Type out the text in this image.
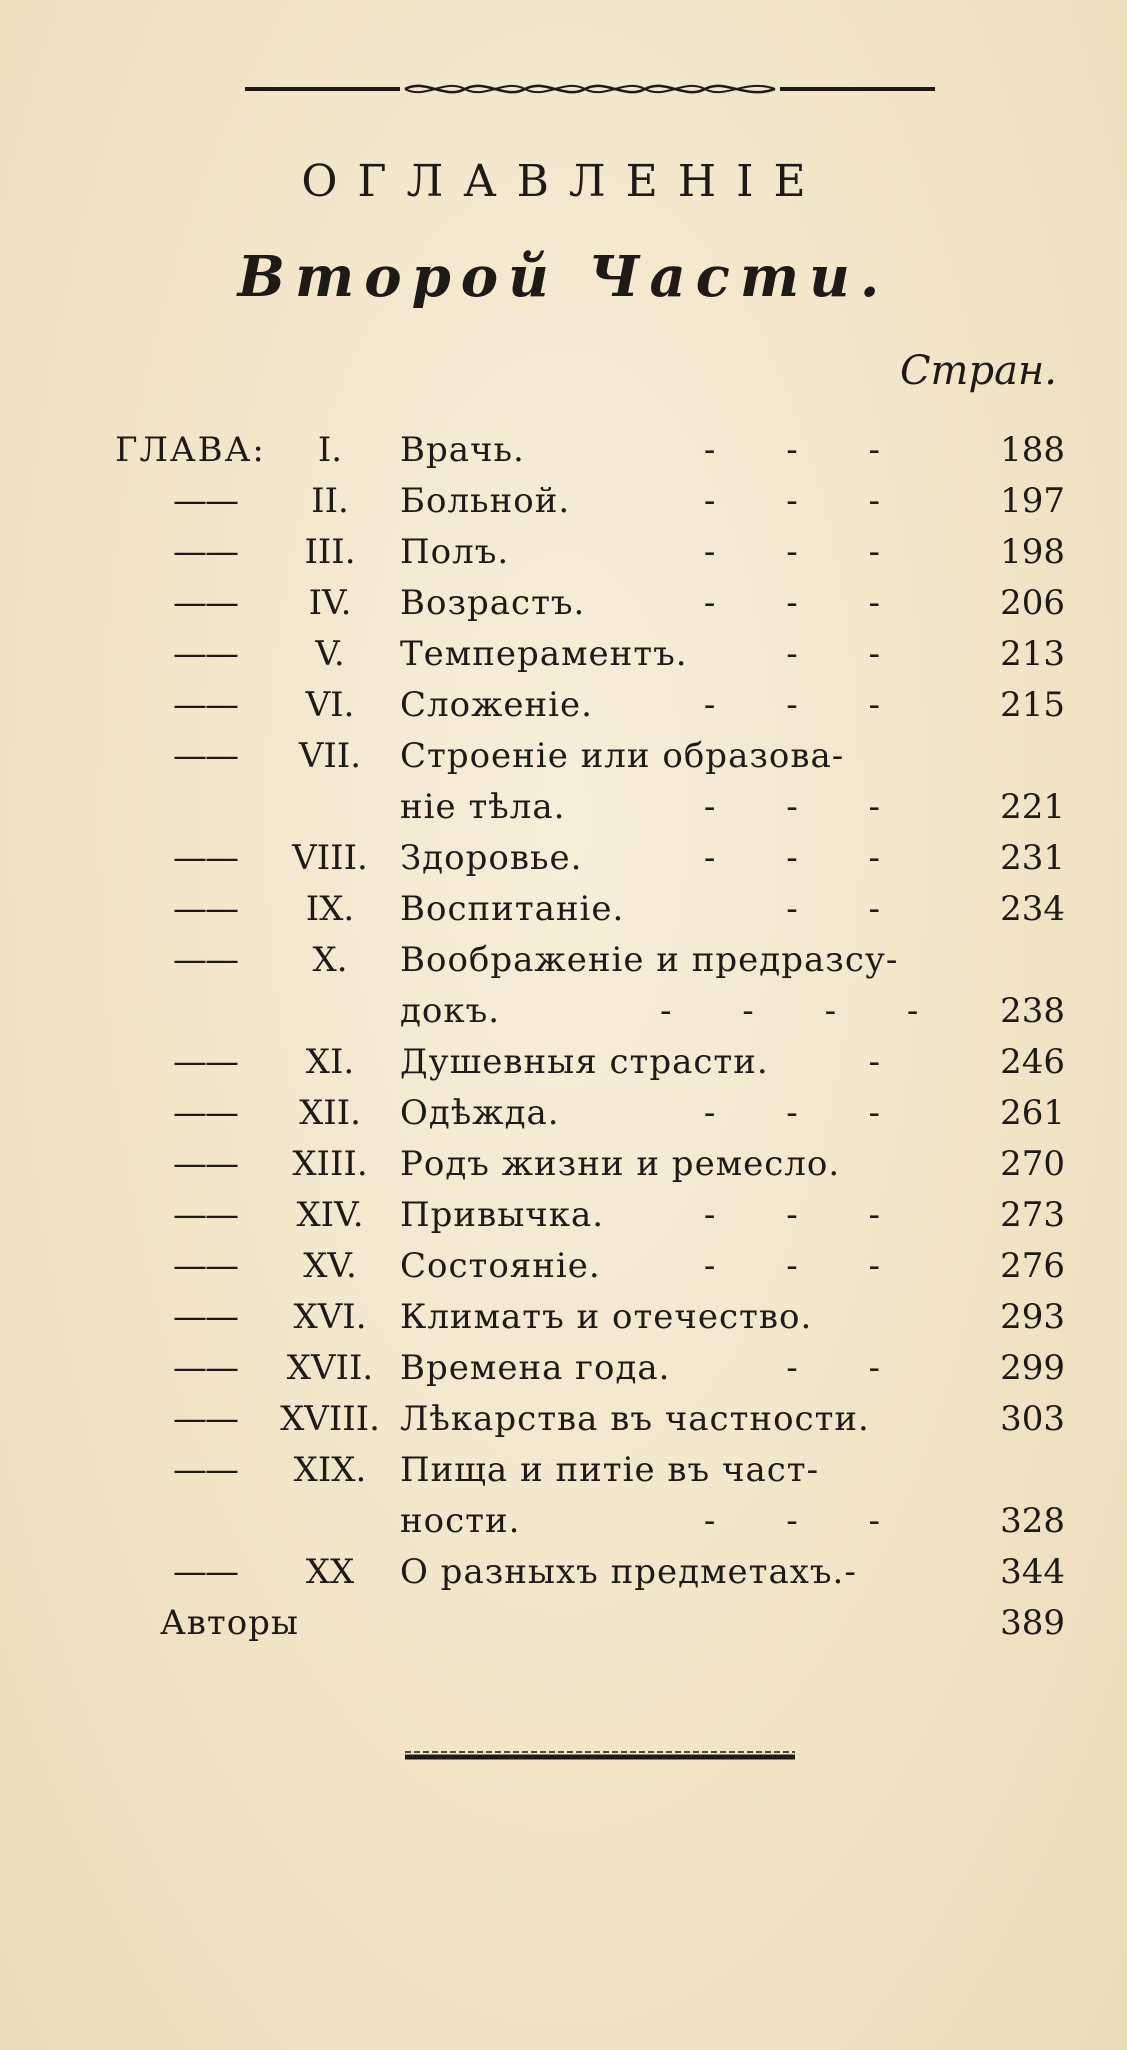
ОГЛАВЛЕНІЕ
Второй Части.
Стран.
ГЛАВА:	I.	Врачь.	- - -	188
——	II.	Больной.	- - -	197
——	III.	Полъ.	- - -	198
——	IV.	Возрастъ.	- - -	206
——	V.	Темпераментъ.	- -	213
——	VI.	Сложеніе.	- - -	215
——	VII.	Строеніе или образова-
ніе тѣла.	- - -	221
——	VIII. Здоровье.	- - -	231
——	IX.	Воспитаніе.	- -	234
——	X.	Воображеніе и предразсу-
докъ.	- - - -	238
——	XI.	Душевныя страсти.	-	246
——	XII.	Одѣжда.	- - -	261
——	XIII. Родъ жизни и ремесло.	270
——	XIV.	Привычка.	- - -	273
——	XV.	Состояніе.	- - -	276
——	XVI. Климатъ и отечество.	293
——	XVII. Времена года.	- -	299
——	XVIII. Лѣкарства въ частности.	303
——	XIX. Пища и питіе въ част-
ности.	- - -	328
——	XX	О разныхъ предметахъ.-	344
Авторы	389
